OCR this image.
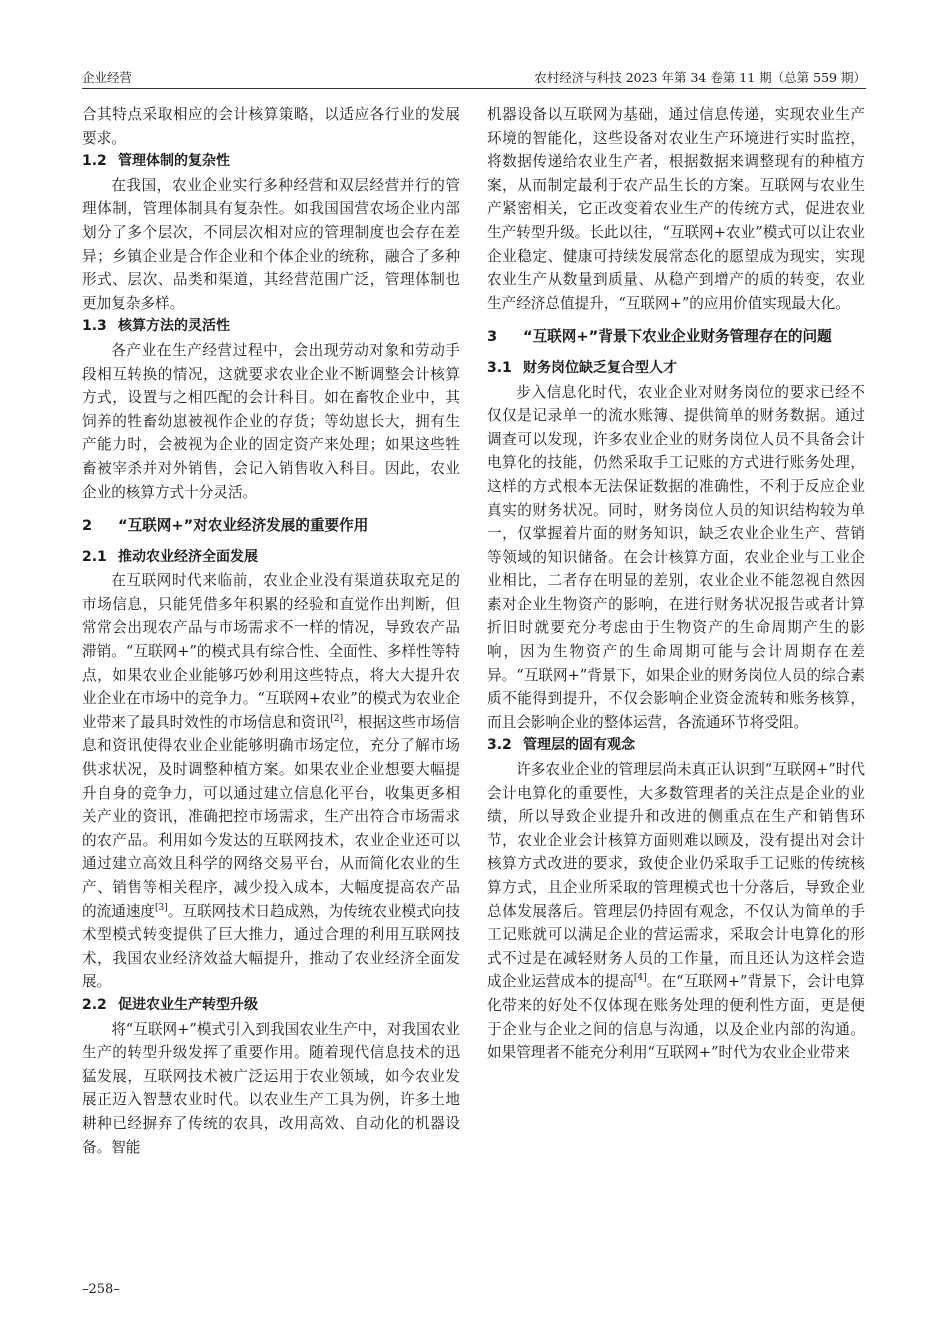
企业经营	农村经济与科技 2023 年第 34 卷第 11 期（总第 559 期）

合其特点采取相应的会计核算策略，以适应各行业的发展要求。

1.2 管理体制的复杂性

在我国，农业企业实行多种经营和双层经营并行的管理体制，管理体制具有复杂性。如我国国营农场企业内部划分了多个层次，不同层次相对应的管理制度也会存在差异；乡镇企业是合作企业和个体企业的统称，融合了多种形式、层次、品类和渠道，其经营范围广泛，管理体制也更加复杂多样。

1.3 核算方法的灵活性

各产业在生产经营过程中，会出现劳动对象和劳动手段相互转换的情况，这就要求农业企业不断调整会计核算方式，设置与之相匹配的会计科目。如在畜牧企业中，其饲养的牲畜幼崽被视作企业的存货；等幼崽长大，拥有生产能力时，会被视为企业的固定资产来处理；如果这些牲畜被宰杀并对外销售，会记入销售收入科目。因此，农业企业的核算方式十分灵活。

2 “互联网+”对农业经济发展的重要作用
2.1 推动农业经济全面发展

在互联网时代来临前，农业企业没有渠道获取充足的市场信息，只能凭借多年积累的经验和直觉作出判断，但常常会出现农产品与市场需求不一样的情况，导致农产品滞销。“互联网+”的模式具有综合性、全面性、多样性等特点，如果农业企业能够巧妙利用这些特点，将大大提升农业企业在市场中的竞争力。“互联网+农业”的模式为农业企业带来了最具时效性的市场信息和资讯[2]，根据这些市场信息和资讯使得农业企业能够明确市场定位，充分了解市场供求状况，及时调整种植方案。如果农业企业想要大幅提升自身的竞争力，可以通过建立信息化平台，收集更多相关产业的资讯，准确把控市场需求，生产出符合市场需求的农产品。利用如今发达的互联网技术，农业企业还可以通过建立高效且科学的网络交易平台，从而简化农业的生产、销售等相关程序，减少投入成本，大幅度提高农产品的流通速度[3]。互联网技术日趋成熟，为传统农业模式向技术型模式转变提供了巨大推力，通过合理的利用互联网技术，我国农业经济效益大幅提升，推动了农业经济全面发展。

2.2 促进农业生产转型升级

将“互联网+”模式引入到我国农业生产中，对我国农业生产的转型升级发挥了重要作用。随着现代信息技术的迅猛发展，互联网技术被广泛运用于农业领域，如今农业发展正迈入智慧农业时代。以农业生产工具为例，许多土地耕种已经摒弃了传统的农具，改用高效、自动化的机器设备。智能

机器设备以互联网为基础，通过信息传递，实现农业生产环境的智能化，这些设备对农业生产环境进行实时监控，将数据传递给农业生产者，根据数据来调整现有的种植方案，从而制定最利于农产品生长的方案。互联网与农业生产紧密相关，它正改变着农业生产的传统方式，促进农业生产转型升级。长此以往，“互联网+农业”模式可以让农业企业稳定、健康可持续发展常态化的愿望成为现实，实现农业生产从数量到质量、从稳产到增产的质的转变，农业生产经济总值提升，“互联网+”的应用价值实现最大化。

3 “互联网+”背景下农业企业财务管理存在的问题
3.1 财务岗位缺乏复合型人才

步入信息化时代，农业企业对财务岗位的要求已经不仅仅是记录单一的流水账簿、提供简单的财务数据。通过调查可以发现，许多农业企业的财务岗位人员不具备会计电算化的技能，仍然采取手工记账的方式进行账务处理，这样的方式根本无法保证数据的准确性，不利于反应企业真实的财务状况。同时，财务岗位人员的知识结构较为单一，仅掌握着片面的财务知识，缺乏农业企业生产、营销等领域的知识储备。在会计核算方面，农业企业与工业企业相比，二者存在明显的差别，农业企业不能忽视自然因素对企业生物资产的影响，在进行财务状况报告或者计算折旧时就要充分考虑由于生物资产的生命周期产生的影响，因为生物资产的生命周期可能与会计周期存在差异。“互联网+”背景下，如果企业的财务岗位人员的综合素质不能得到提升，不仅会影响企业资金流转和账务核算，而且会影响企业的整体运营，各流通环节将受阻。

3.2 管理层的固有观念

许多农业企业的管理层尚未真正认识到“互联网+”时代会计电算化的重要性，大多数管理者的关注点是企业的业绩，所以导致企业提升和改进的侧重点在生产和销售环节，农业企业会计核算方面则难以顾及，没有提出对会计核算方式改进的要求，致使企业仍采取手工记账的传统核算方式，且企业所采取的管理模式也十分落后，导致企业总体发展落后。管理层仍持固有观念，不仅认为简单的手工记账就可以满足企业的营运需求，采取会计电算化的形式不过是在减轻财务人员的工作量，而且还认为这样会造成企业运营成本的提高[4]。在“互联网+”背景下，会计电算化带来的好处不仅体现在账务处理的便利性方面，更是便于企业与企业之间的信息与沟通，以及企业内部的沟通。如果管理者不能充分利用“互联网+”时代为农业企业带来

–258–
